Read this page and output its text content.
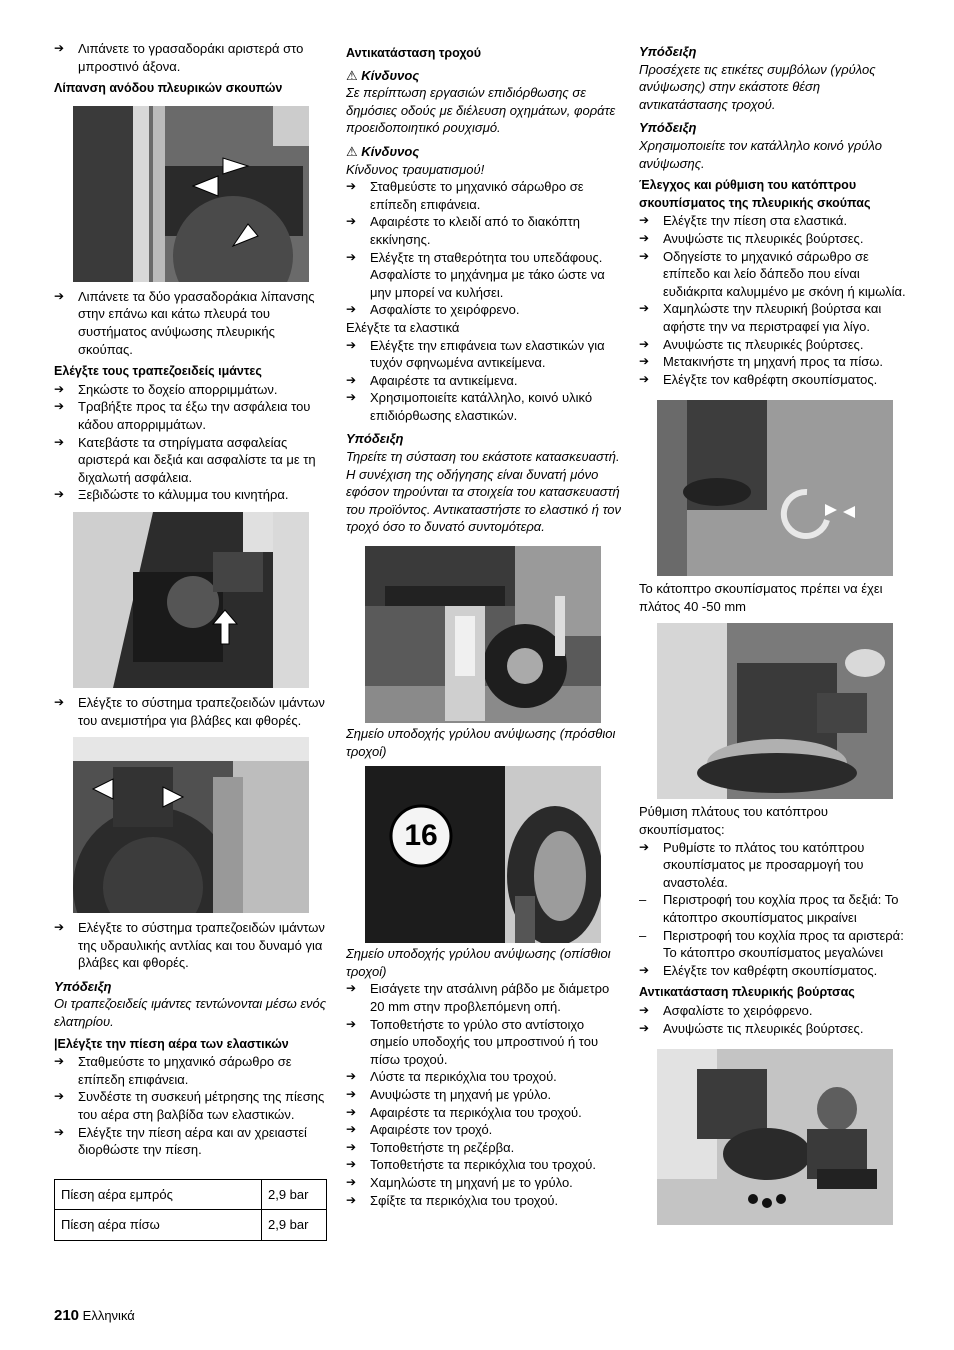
➔ Λιπάνετε το γρασαδοράκι αριστερά στο μπροστινό άξονα.

Λίπανση ανόδου πλευρικών σκουπών

➔ Λιπάνετε τα δύο γρασαδοράκια λίπανσης στην επάνω και κάτω πλευρά του συστήματος ανύψωσης πλευρικής σκούπας.

Ελέγξτε τους τραπεζοειδείς ιμάντες

➔ Σηκώστε το δοχείο απορριμμάτων.

➔ Τραβήξτε προς τα έξω την ασφάλεια του κάδου απορριμμάτων.

➔ Κατεβάστε τα στηρίγματα ασφαλείας αριστερά και δεξιά και ασφαλίστε τα με τη διχαλωτή ασφάλεια.

➔ Ξεβιδώστε το κάλυμμα του κινητήρα.

➔ Ελέγξτε το σύστημα τραπεζοειδών ιμάντων του ανεμιστήρα για βλάβες και φθορές.

➔ Ελέγξτε το σύστημα τραπεζοειδών ιμάντων της υδραυλικής αντλίας και του δυναμό για βλάβες και φθορές.

Υπόδειξη

Οι τραπεζοειδείς ιμάντες τεντώνονται μέσω ενός ελατηρίου.

|Ελέγξτε την πίεση αέρα των ελαστικών

➔ Σταθμεύστε το μηχανικό σάρωθρο σε επίπεδη επιφάνεια.

➔ Συνδέστε τη συσκευή μέτρησης της πίεσης του αέρα στη βαλβίδα των ελαστικών.

➔ Ελέγξτε την πίεση αέρα και αν χρειαστεί διορθώστε την πίεση.

Πίεση αέρα εμπρός	2,9 bar
Πίεση αέρα πίσω	2,9 bar

Αντικατάσταση τροχού

⚠ Κίνδυνος

Σε περίπτωση εργασιών επιδιόρθωσης σε δημόσιες οδούς με διέλευση οχημάτων, φοράτε προειδοποιητικό ρουχισμό.

⚠ Κίνδυνος

Κίνδυνος τραυματισμού!

➔ Σταθμεύστε το μηχανικό σάρωθρο σε επίπεδη επιφάνεια.

➔ Αφαιρέστε το κλειδί από το διακόπτη εκκίνησης.

➔ Ελέγξτε τη σταθερότητα του υπεδάφους. Ασφαλίστε το μηχάνημα με τάκο ώστε να μην μπορεί να κυλήσει.

➔ Ασφαλίστε το χειρόφρενο.

Ελέγξτε τα ελαστικά

➔ Ελέγξτε την επιφάνεια των ελαστικών για τυχόν σφηνωμένα αντικείμενα.

➔ Αφαιρέστε τα αντικείμενα.

➔ Χρησιμοποιείτε κατάλληλο, κοινό υλικό επιδιόρθωσης ελαστικών.

Υπόδειξη

Τηρείτε τη σύσταση του εκάστοτε κατασκευαστή. Η συνέχιση της οδήγησης είναι δυνατή μόνο εφόσον τηρούνται τα στοιχεία του κατασκευαστή του προϊόντος. Αντικαταστήστε το ελαστικό ή τον τροχό όσο το δυνατό συντομότερα.

Σημείο υποδοχής γρύλου ανύψωσης (πρόσθιοι τροχοί)

16

Σημείο υποδοχής γρύλου ανύψωσης (οπίσθιοι τροχοί)

➔ Εισάγετε την ατσάλινη ράβδο με διάμετρο 20 mm στην προβλεπόμενη οπή.

➔ Τοποθετήστε το γρύλο στο αντίστοιχο σημείο υποδοχής του μπροστινού ή του πίσω τροχού.

➔ Λύστε τα περικόχλια του τροχού.

➔ Ανυψώστε τη μηχανή με γρύλο.

➔ Αφαιρέστε τα περικόχλια του τροχού.

➔ Αφαιρέστε τον τροχό.

➔ Τοποθετήστε τη ρεζέρβα.

➔ Τοποθετήστε τα περικόχλια του τροχού.

➔ Χαμηλώστε τη μηχανή με το γρύλο.

➔ Σφίξτε τα περικόχλια του τροχού.

Υπόδειξη

Προσέχετε τις ετικέτες συμβόλων (γρύλος ανύψωσης) στην εκάστοτε θέση αντικατάστασης τροχού.

Υπόδειξη

Χρησιμοποιείτε τον κατάλληλο κοινό γρύλο ανύψωσης.

Έλεγχος και ρύθμιση του κατόπτρου σκουπίσματος της πλευρικής σκούπας

➔ Ελέγξτε την πίεση στα ελαστικά.

➔ Ανυψώστε τις πλευρικές βούρτσες.

➔ Οδηγείστε το μηχανικό σάρωθρο σε επίπεδο και λείο δάπεδο που είναι ευδιάκριτα καλυμμένο με σκόνη ή κιμωλία.

➔ Χαμηλώστε την πλευρική βούρτσα και αφήστε την να περιστραφεί για λίγο.

➔ Ανυψώστε τις πλευρικές βούρτσες.

➔ Μετακινήστε τη μηχανή προς τα πίσω.

➔ Ελέγξτε τον καθρέφτη σκουπίσματος.

Το κάτοπτρο σκουπίσματος πρέπει να έχει πλάτος 40 -50 mm

Ρύθμιση πλάτους του κατόπτρου σκουπίσματος:

➔ Ρυθμίστε το πλάτος του κατόπτρου σκουπίσματος με προσαρμογή του αναστολέα.

– Περιστροφή του κοχλία προς τα δεξιά: Το κάτοπτρο σκουπίσματος μικραίνει

– Περιστροφή του κοχλία προς τα αριστερά: Το κάτοπτρο σκουπίσματος μεγαλώνει

➔ Ελέγξτε τον καθρέφτη σκουπίσματος.

Αντικατάσταση πλευρικής βούρτσας

➔ Ασφαλίστε το χειρόφρενο.

➔ Ανυψώστε τις πλευρικές βούρτσες.

210 Ελληνικά
